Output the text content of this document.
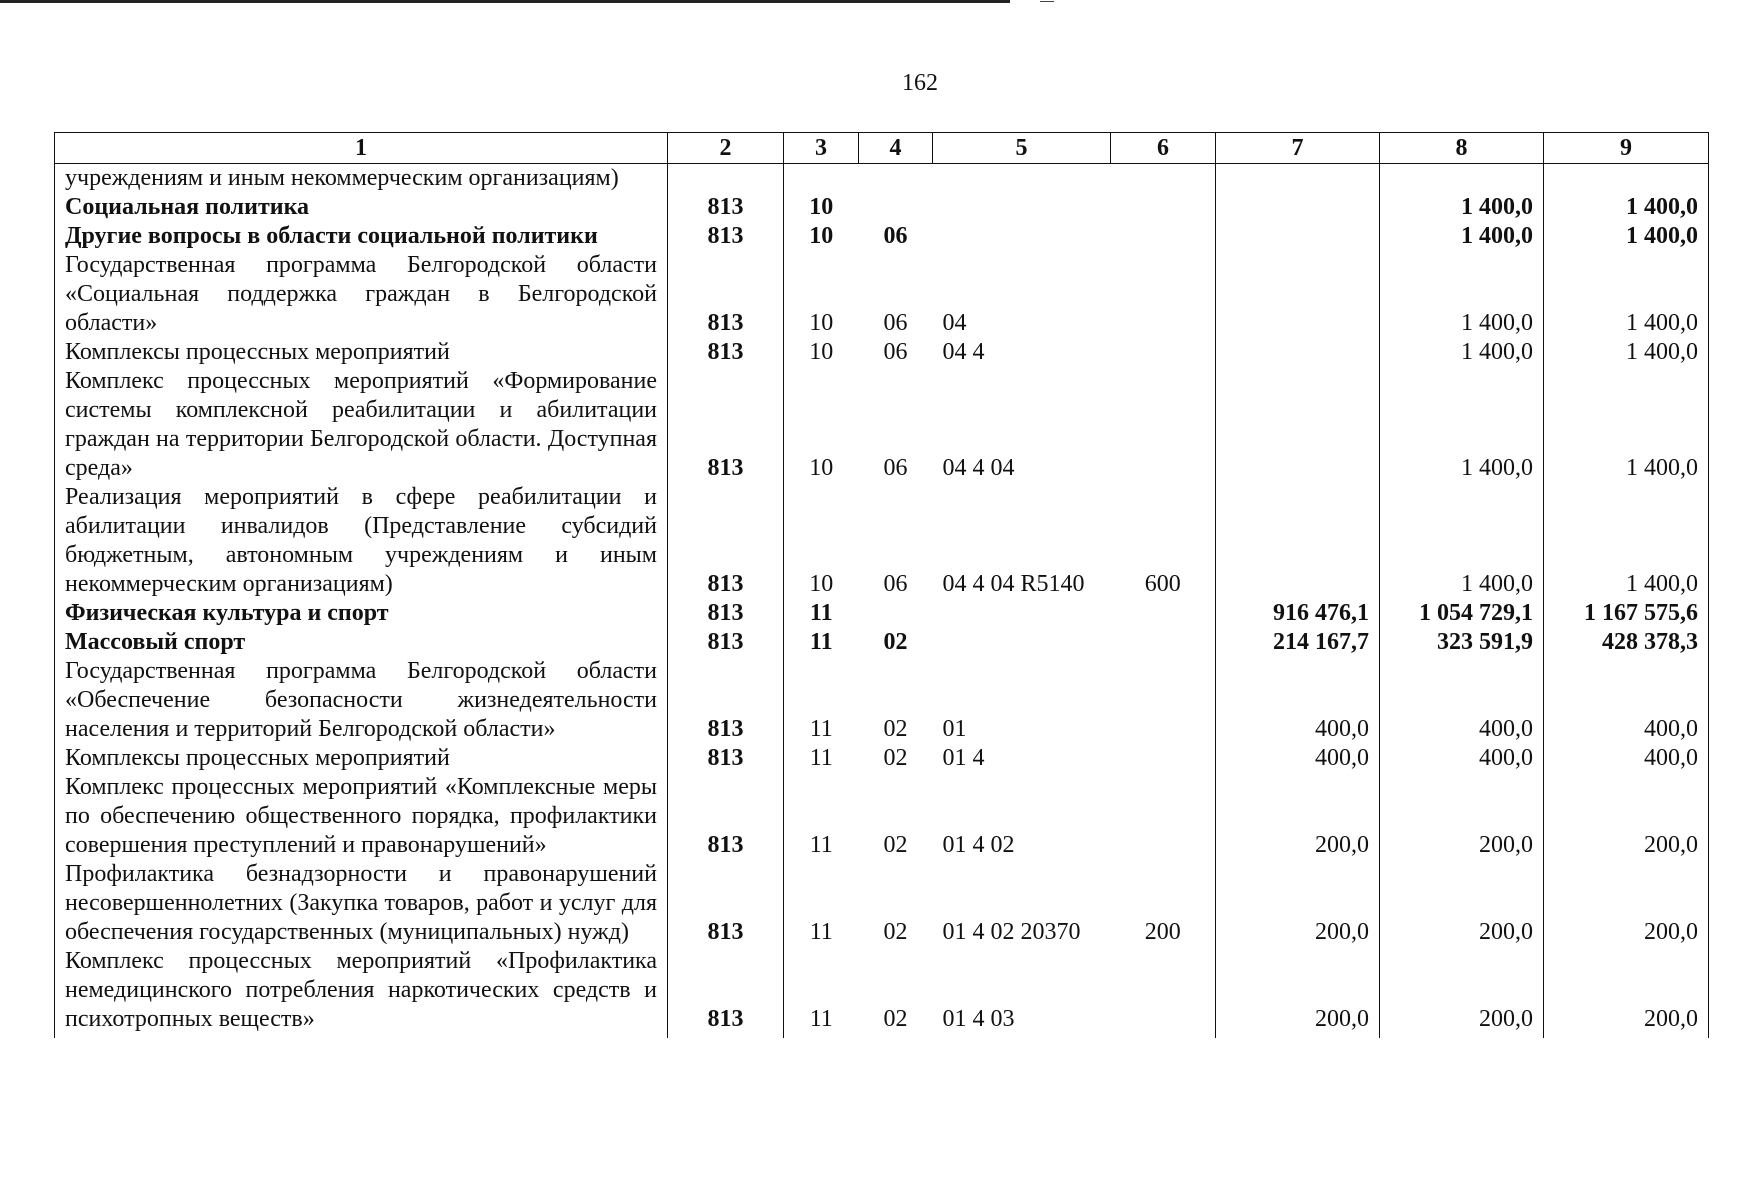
162
1	2	3	4	5	6	7	8	9
учреждениям и иным некоммерческим организациям)								
Социальная политика	813	10					1 400,0	1 400,0
Другие вопросы в области социальной политики	813	10	06				1 400,0	1 400,0
Государственная программа Белгородской области «Социальная поддержка граждан в Белгородской области»	813	10	06	04			1 400,0	1 400,0
Комплексы процессных мероприятий	813	10	06	04 4			1 400,0	1 400,0
Комплекс процессных мероприятий «Формирование системы комплексной реабилитации и абилитации граждан на территории Белгородской области. Доступная среда»	813	10	06	04 4 04			1 400,0	1 400,0
Реализация мероприятий в сфере реабилитации и абилитации инвалидов (Представление субсидий бюджетным, автономным учреждениям и иным некоммерческим организациям)	813	10	06	04 4 04 R5140	600		1 400,0	1 400,0
Физическая культура и спорт	813	11				916 476,1	1 054 729,1	1 167 575,6
Массовый спорт	813	11	02			214 167,7	323 591,9	428 378,3
Государственная программа Белгородской области «Обеспечение безопасности жизнедеятельности населения и территорий Белгородской области»	813	11	02	01		400,0	400,0	400,0
Комплексы процессных мероприятий	813	11	02	01 4		400,0	400,0	400,0
Комплекс процессных мероприятий «Комплексные меры по обеспечению общественного порядка, профилактики совершения преступлений и правонарушений»	813	11	02	01 4 02		200,0	200,0	200,0
Профилактика безнадзорности и правонарушений несовершеннолетних (Закупка товаров, работ и услуг для обеспечения государственных (муниципальных) нужд)	813	11	02	01 4 02 20370	200	200,0	200,0	200,0
Комплекс процессных мероприятий «Профилактика немедицинского потребления наркотических средств и психотропных веществ»	813	11	02	01 4 03		200,0	200,0	200,0
